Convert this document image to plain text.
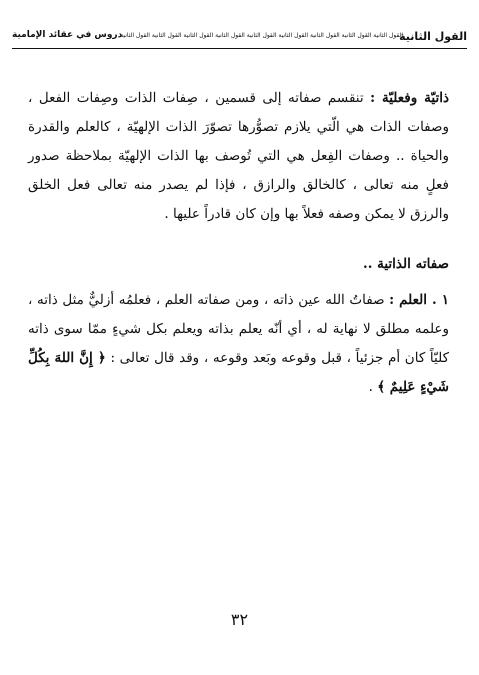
القول الثانية
القول الثانية القول الثانية القول الثانية القول الثانية القول الثانية القول الثانية القول الثانية القول الثانية القول الثانية
دروس في عقائد الإمامية

ذاتيّة وفعليّة : تنقسم صفاته إلى قسمين ، صِفات الذات وصِفات الفعل ، وصفات الذات هي الّتي يلازم تصوُّرها تصوّرَ الذات الإلهيّة ، كالعلم والقدرة والحياة .. وصفات الفِعل هي التي تُوصف بها الذات الإلهيّة بملاحظة صدور فعلٍ منه تعالى ، كالخالق والرازق ، فإذا لم يصدر منه تعالى فعل الخلق والرزق لا يمكن وصفه فعلاً بها وإن كان قادراً عليها .

صفاته الذاتية ..

١ . العلم : صفاتُ الله عين ذاته ، ومن صفاته العلم ، فعلمُه أزليٌّ مثل ذاته ، وعلمه مطلق لا نهاية له ، أي أنّه يعلم بذاته ويعلم بكل شيءٍ ممّا سوى ذاته كليّاً كان أم جزئياً ، قبل وقوعه وبَعد وقوعه ، وقد قال تعالى : ﴿ إِنَّ اللهَ بِكُلِّ شَيْءٍ عَلِيمٌ ﴾ .

٣٢
